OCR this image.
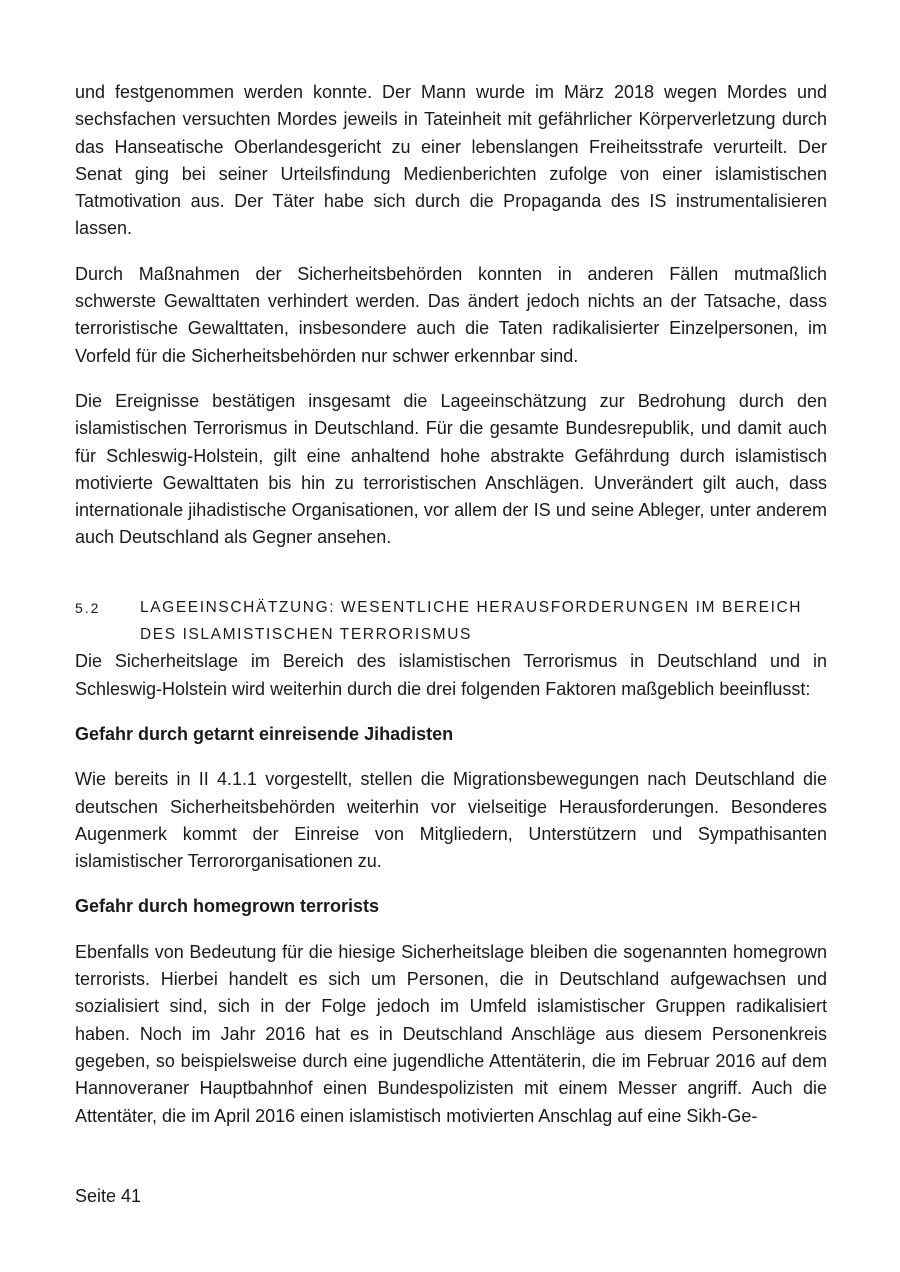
und festgenommen werden konnte. Der Mann wurde im März 2018 wegen Mordes und sechsfachen versuchten Mordes jeweils in Tateinheit mit gefährlicher Körperverletzung durch das Hanseatische Oberlandesgericht zu einer lebenslangen Freiheitsstrafe verurteilt. Der Senat ging bei seiner Urteilsfindung Medienberichten zufolge von einer islamistischen Tatmotivation aus. Der Täter habe sich durch die Propaganda des IS instrumentalisieren lassen.

Durch Maßnahmen der Sicherheitsbehörden konnten in anderen Fällen mutmaßlich schwerste Gewalttaten verhindert werden. Das ändert jedoch nichts an der Tatsache, dass terroristische Gewalttaten, insbesondere auch die Taten radikalisierter Einzelpersonen, im Vorfeld für die Sicherheitsbehörden nur schwer erkennbar sind.

Die Ereignisse bestätigen insgesamt die Lageeinschätzung zur Bedrohung durch den islamistischen Terrorismus in Deutschland. Für die gesamte Bundesrepublik, und damit auch für Schleswig-Holstein, gilt eine anhaltend hohe abstrakte Gefährdung durch islamistisch motivierte Gewalttaten bis hin zu terroristischen Anschlägen. Unverändert gilt auch, dass internationale jihadistische Organisationen, vor allem der IS und seine Ableger, unter anderem auch Deutschland als Gegner ansehen.

5.2	LAGEEINSCHÄTZUNG: WESENTLICHE HERAUSFORDERUNGEN IM BEREICH DES ISLAMISTISCHEN TERRORISMUS

Die Sicherheitslage im Bereich des islamistischen Terrorismus in Deutschland und in Schleswig-Holstein wird weiterhin durch die drei folgenden Faktoren maßgeblich beeinflusst:

Gefahr durch getarnt einreisende Jihadisten

Wie bereits in II 4.1.1 vorgestellt, stellen die Migrationsbewegungen nach Deutschland die deutschen Sicherheitsbehörden weiterhin vor vielseitige Herausforderungen. Besonderes Augenmerk kommt der Einreise von Mitgliedern, Unterstützern und Sympathisanten islamistischer Terrororganisationen zu.

Gefahr durch homegrown terrorists

Ebenfalls von Bedeutung für die hiesige Sicherheitslage bleiben die sogenannten homegrown terrorists. Hierbei handelt es sich um Personen, die in Deutschland aufgewachsen und sozialisiert sind, sich in der Folge jedoch im Umfeld islamistischer Gruppen radikalisiert haben. Noch im Jahr 2016 hat es in Deutschland Anschläge aus diesem Personenkreis gegeben, so beispielsweise durch eine jugendliche Attentäterin, die im Februar 2016 auf dem Hannoveraner Hauptbahnhof einen Bundespolizisten mit einem Messer angriff. Auch die Attentäter, die im April 2016 einen islamistisch motivierten Anschlag auf eine Sikh-Ge-

Seite 41
